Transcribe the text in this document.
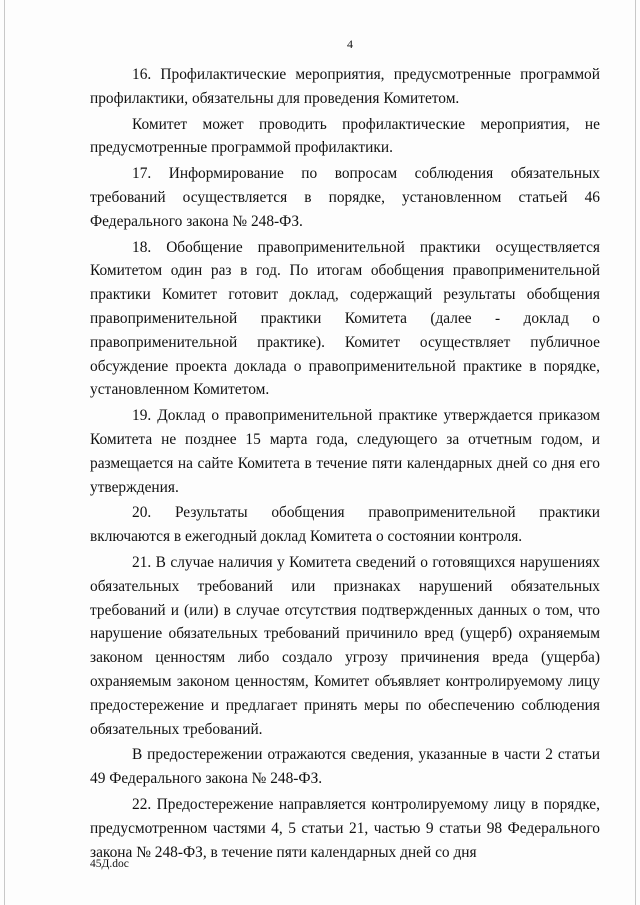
4

16. Профилактические мероприятия, предусмотренные программой профилактики, обязательны для проведения Комитетом.

Комитет может проводить профилактические мероприятия, не предусмотренные программой профилактики.

17. Информирование по вопросам соблюдения обязательных требований осуществляется в порядке, установленном статьей 46 Федерального закона № 248-ФЗ.

18. Обобщение правоприменительной практики осуществляется Комитетом один раз в год. По итогам обобщения правоприменительной практики Комитет готовит доклад, содержащий результаты обобщения правоприменительной практики Комитета (далее - доклад о правоприменительной практике). Комитет осуществляет публичное обсуждение проекта доклада о правоприменительной практике в порядке, установленном Комитетом.

19. Доклад о правоприменительной практике утверждается приказом Комитета не позднее 15 марта года, следующего за отчетным годом, и размещается на сайте Комитета в течение пяти календарных дней со дня его утверждения.

20. Результаты обобщения правоприменительной практики включаются в ежегодный доклад Комитета о состоянии контроля.

21. В случае наличия у Комитета сведений о готовящихся нарушениях обязательных требований или признаках нарушений обязательных требований и (или) в случае отсутствия подтвержденных данных о том, что нарушение обязательных требований причинило вред (ущерб) охраняемым законом ценностям либо создало угрозу причинения вреда (ущерба) охраняемым законом ценностям, Комитет объявляет контролируемому лицу предостережение и предлагает принять меры по обеспечению соблюдения обязательных требований.

В предостережении отражаются сведения, указанные в части 2 статьи 49 Федерального закона № 248-ФЗ.

22. Предостережение направляется контролируемому лицу в порядке, предусмотренном частями 4, 5 статьи 21, частью 9 статьи 98 Федерального закона № 248-ФЗ, в течение пяти календарных дней со дня

45Д.doc
